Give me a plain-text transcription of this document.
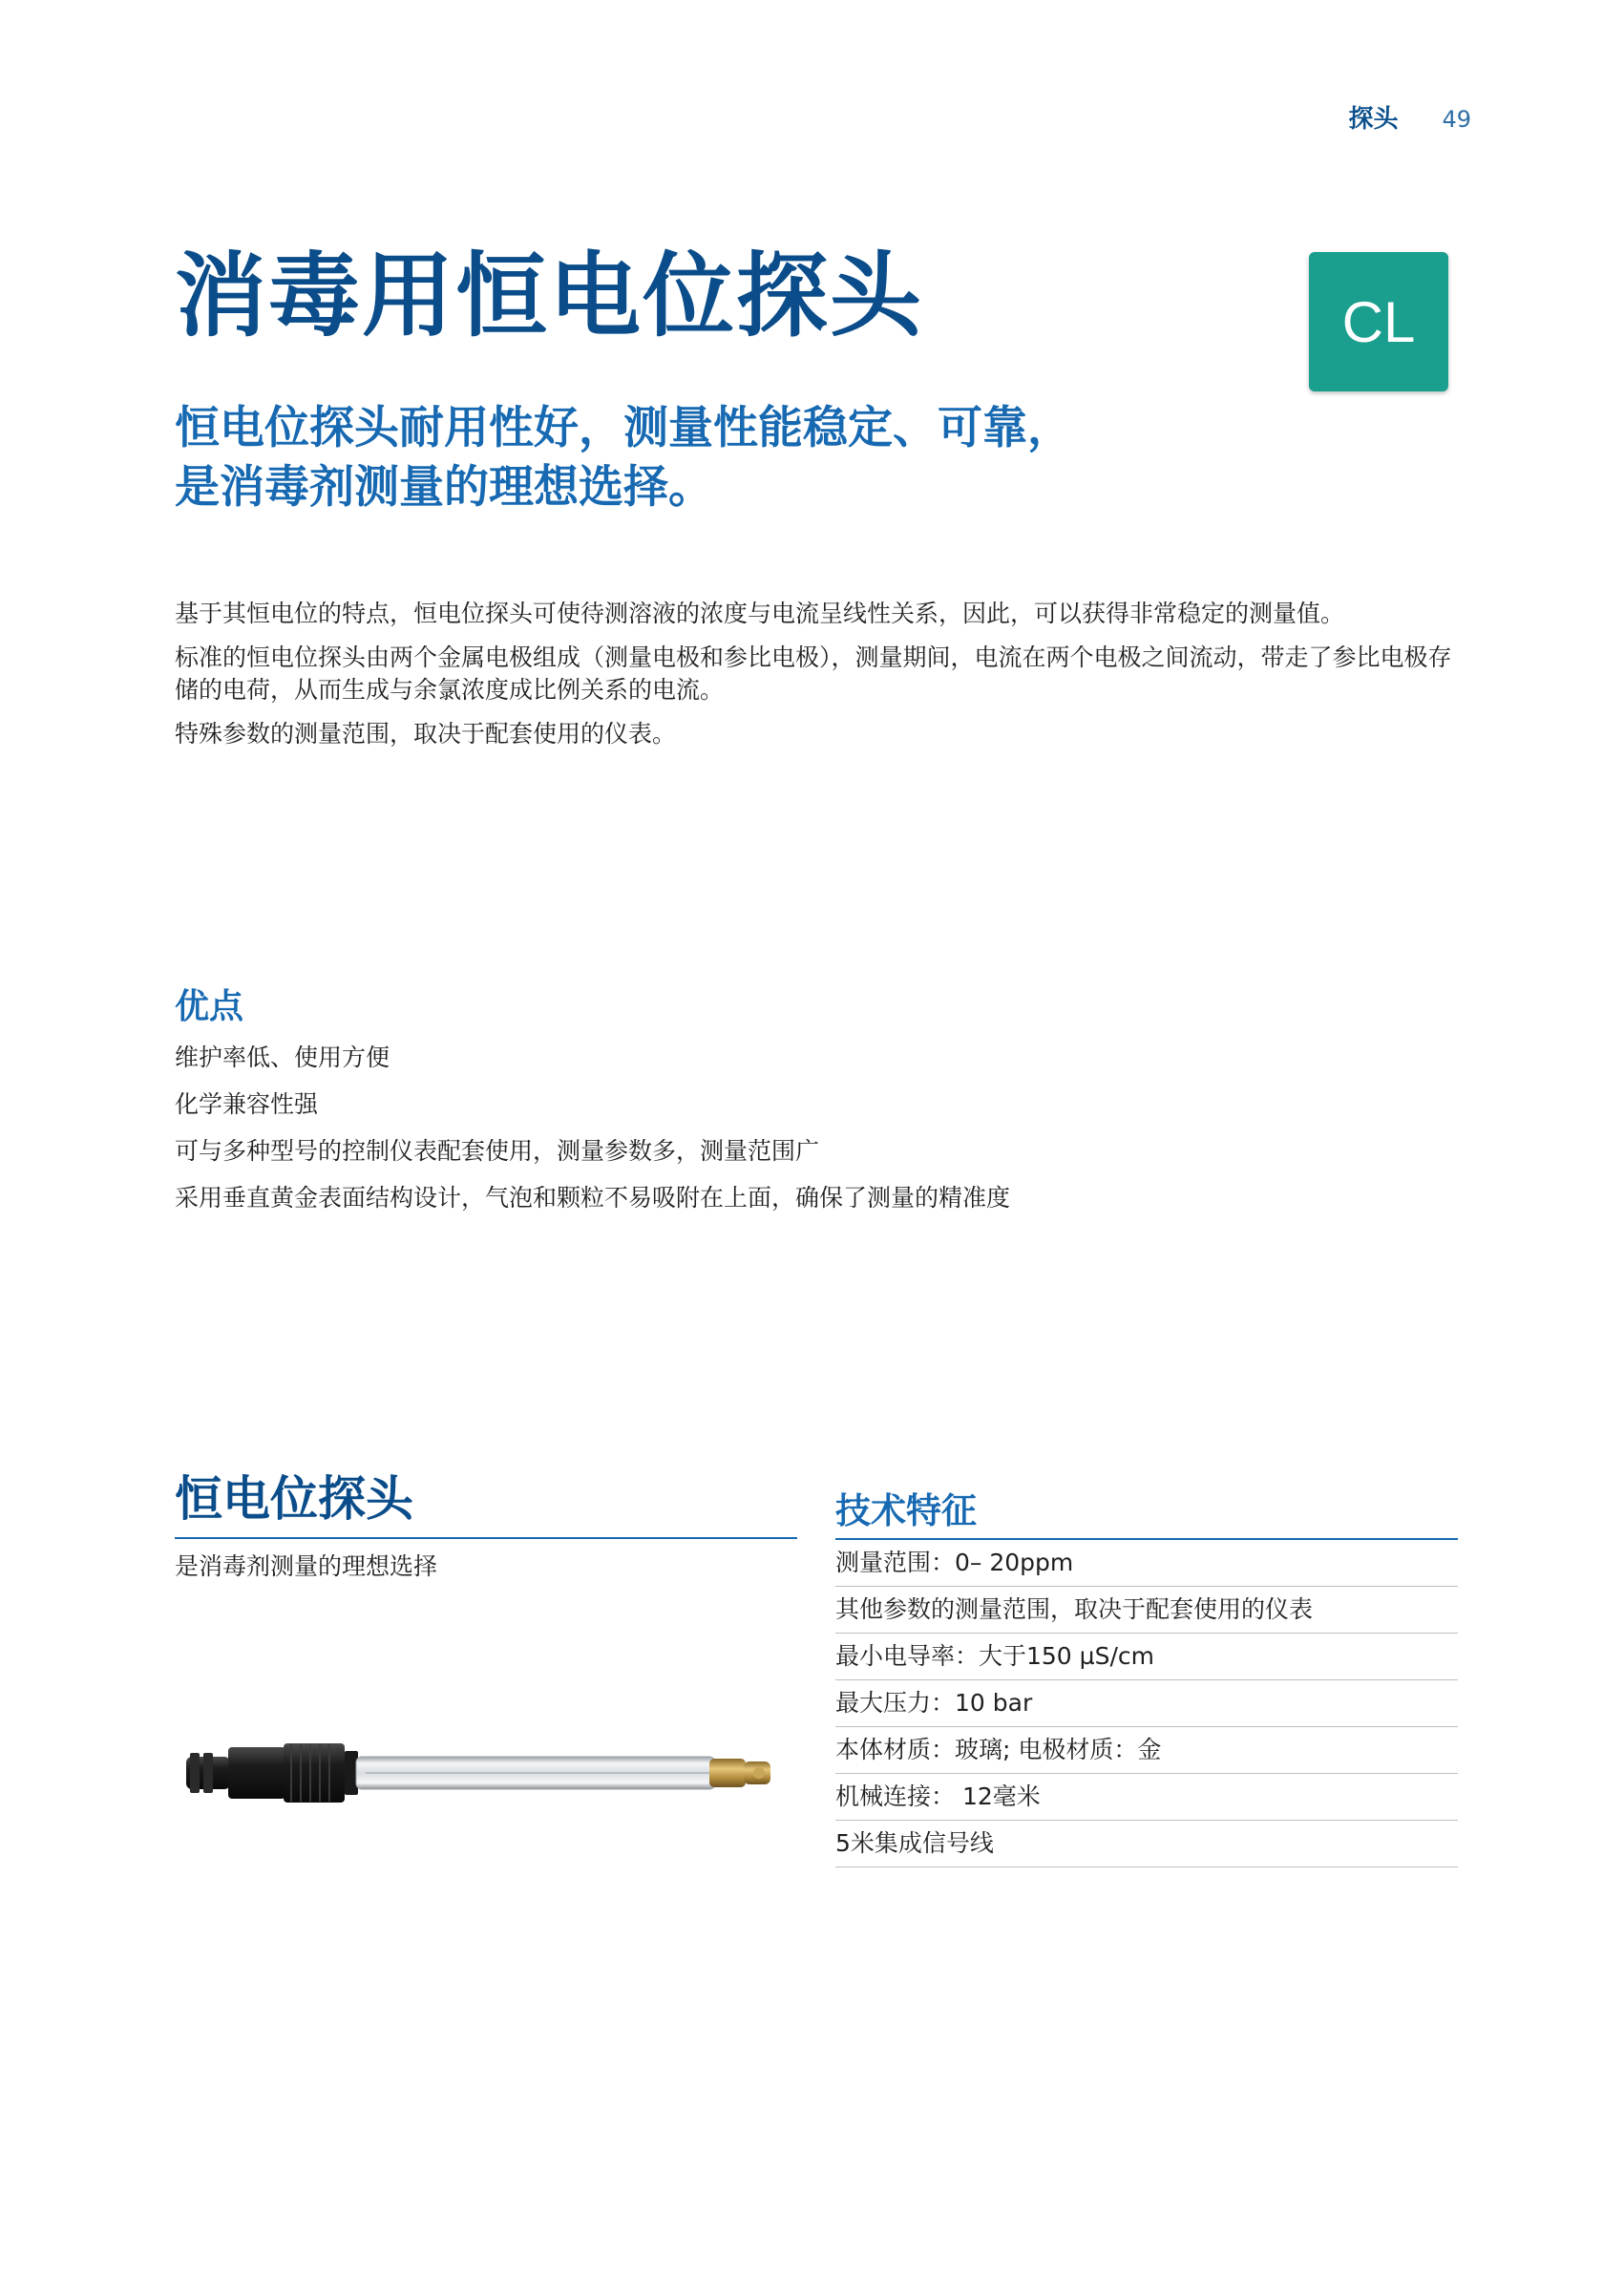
探头 49
消毒用恒电位探头	CL
恒电位探头耐用性好，测量性能稳定、可靠，
是消毒剂测量的理想选择。

基于其恒电位的特点，恒电位探头可使待测溶液的浓度与电流呈线性关系，因此，可以获得非常稳定的测量值。

标准的恒电位探头由两个金属电极组成（测量电极和参比电极），测量期间，电流在两个电极之间流动，带走了参比电极存储的电荷，从而生成与余氯浓度成比例关系的电流。

特殊参数的测量范围，取决于配套使用的仪表。

优点
维护率低、使用方便
化学兼容性强
可与多种型号的控制仪表配套使用，测量参数多，测量范围广
采用垂直黄金表面结构设计，气泡和颗粒不易吸附在上面，确保了测量的精准度
恒电位探头
是消毒剂测量的理想选择
技术特征
测量范围：0– 20ppm
其他参数的测量范围，取决于配套使用的仪表
最小电导率：大于150 µS/cm
最大压力：10 bar
本体材质：玻璃; 电极材质：金
机械连接： 12毫米
5米集成信号线
